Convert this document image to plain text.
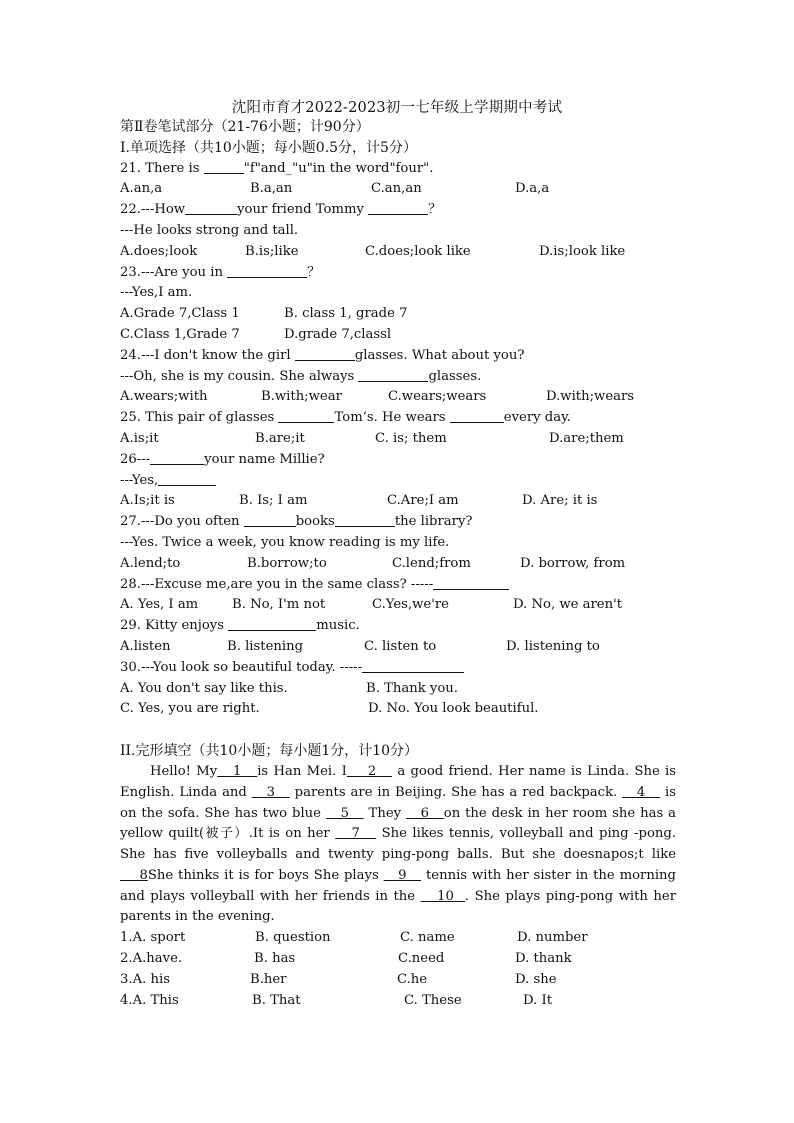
沈阳市育才2022-2023初一七年级上学期期中考试
第Ⅱ卷笔试部分（21-76小题；计90分）
I.单项选择（共10小题；每小题0.5分，计5分）
21. There is	"f"and_"u"in the word"four".
A.an,a	B.a,an	C.an,an	D.a,a
22.---How	your friend Tommy	？
---He looks strong and tall.
A.does;look	B.is;like	C.does;look like	D.is;look like
23.---Are you in	？
---Yes,I am.
A.Grade 7,Class 1	B. class 1, grade 7
C.Class 1,Grade 7	D.grade 7,classl
24.---I don't know the girl	glasses. What about you?
---Oh, she is my cousin. She always	glasses.
A.wears;with	B.with;wear	C.wears;wears	D.with;wears
25. This pair of glasses	Tom’s. He wears	every day.
A.is;it	B.are;it	C. is; them	D.are;them
26---	your name Millie?
---Yes,
A.Is;it is	B. Is; I am	C.Are;I am	D. Are; it is
27.---Do you often	books	the library?
---Yes. Twice a week, you know reading is my life.
A.lend;to	B.borrow;to	C.lend;from	D. borrow, from
28.---Excuse me,are you in the same class? -----
A. Yes, I am	B. No, I'm not	C.Yes,we're	D. No, we aren't
29. Kitty enjoys	music.
A.listen	B. listening	C. listen to	D. listening to
30.---You look so beautiful today. -----
A. You don't say like this.	B. Thank you.
C. Yes, you are right.	D. No. You look beautiful.
II.完形填空（共10小题；每小题1分，计10分）
Hello! My 1 is Han Mei. I 2    a good friend. Her name is Linda. She is English. Linda and    3    parents are in Beijing. She has a red backpack.    4    is on the sofa. She has two blue    5    They    6 on the desk in her room she has a yellow quilt(被子）.It is on her    7    She likes tennis, volleyball and ping -pong. She has five volleyballs and twenty ping-pong balls. But she doesnapos;t like     8She thinks it is for boys She plays    9    tennis with her sister in the morning and plays volleyball with her friends in the    10 . She plays ping-pong with her parents in the evening.
1.A. sport	B. question	C. name	D. number
2.A.have.	B. has	C.need	D. thank
3.A. his	B.her	C.he	D. she
4.A. This	B. That	C. These	D. It
